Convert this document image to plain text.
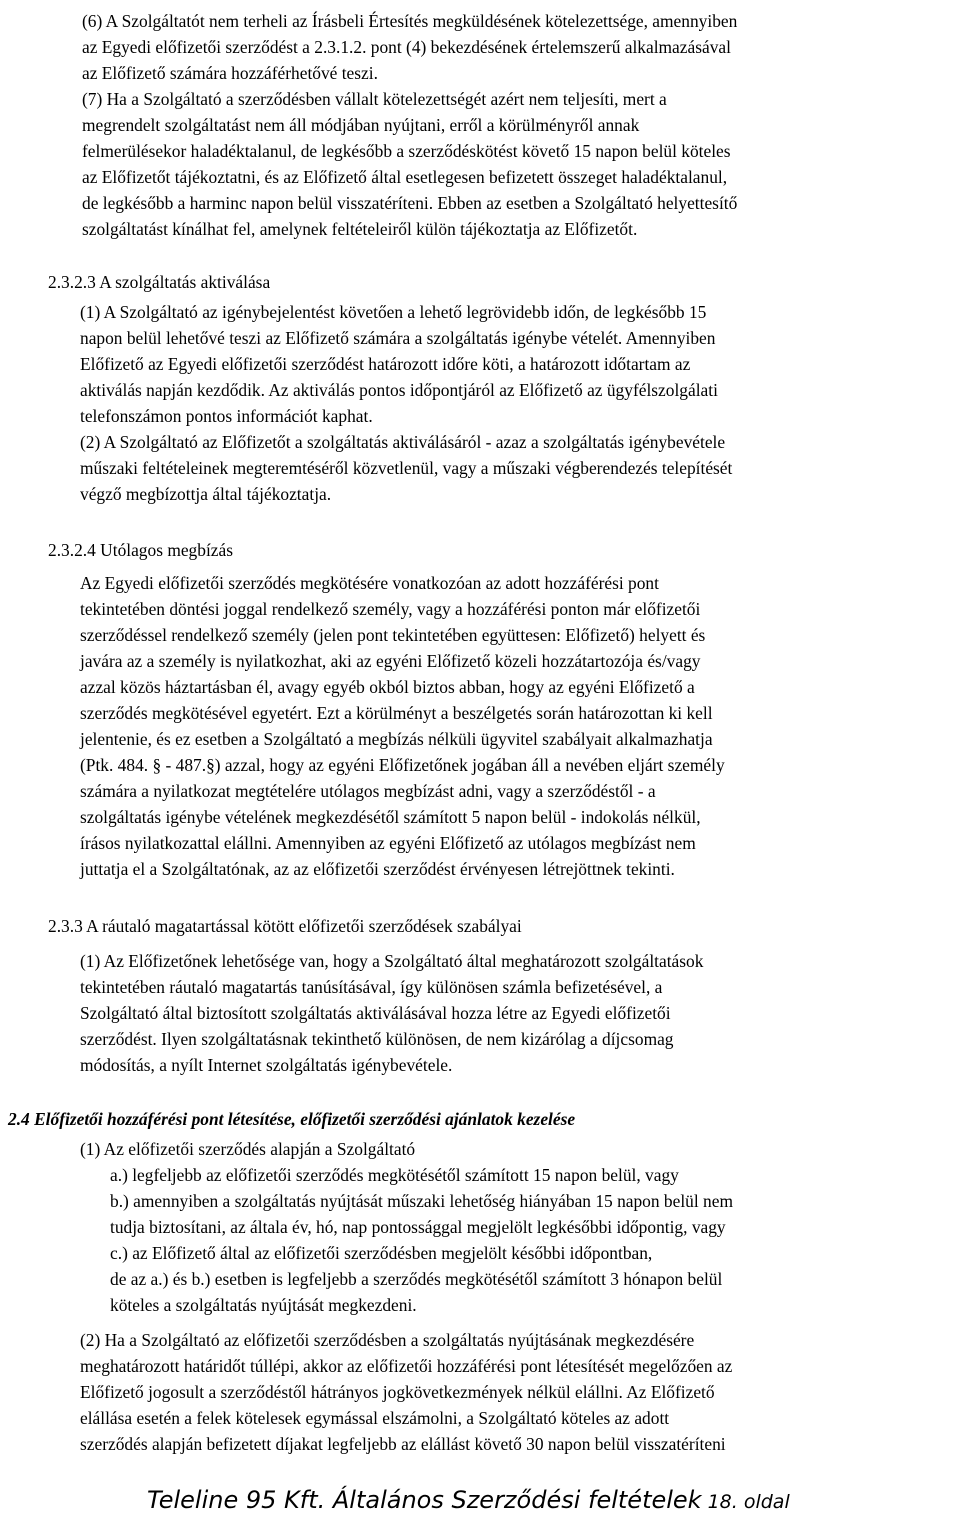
(6) A Szolgáltatót nem terheli az Írásbeli Értesítés megküldésének kötelezettsége, amennyiben

az Egyedi előfizetői szerződést a 2.3.1.2. pont (4) bekezdésének értelemszerű alkalmazásával

az Előfizető számára hozzáférhetővé teszi.

(7) Ha a Szolgáltató a szerződésben vállalt kötelezettségét azért nem teljesíti, mert a

megrendelt szolgáltatást nem áll módjában nyújtani, erről a körülményről annak

felmerülésekor haladéktalanul, de legkésőbb a szerződéskötést követő 15 napon belül köteles

az Előfizetőt tájékoztatni, és az Előfizető által esetlegesen befizetett összeget haladéktalanul,

de legkésőbb a harminc napon belül visszatéríteni. Ebben az esetben a Szolgáltató helyettesítő

szolgáltatást kínálhat fel, amelynek feltételeiről külön tájékoztatja az Előfizetőt.

2.3.2.3 A szolgáltatás aktiválása

(1) A Szolgáltató az igénybejelentést követően a lehető legrövidebb időn, de legkésőbb 15

napon belül lehetővé teszi az Előfizető számára a szolgáltatás igénybe vételét. Amennyiben

Előfizető az Egyedi előfizetői szerződést határozott időre köti, a határozott időtartam az

aktiválás napján kezdődik. Az aktiválás pontos időpontjáról az Előfizető az ügyfélszolgálati

telefonszámon pontos információt kaphat.

(2) A Szolgáltató az Előfizetőt a szolgáltatás aktiválásáról - azaz a szolgáltatás igénybevétele

műszaki feltételeinek megteremtéséről közvetlenül, vagy a műszaki végberendezés telepítését

végző megbízottja által tájékoztatja.

2.3.2.4 Utólagos megbízás

Az Egyedi előfizetői szerződés megkötésére vonatkozóan az adott hozzáférési pont

tekintetében döntési joggal rendelkező személy, vagy a hozzáférési ponton már előfizetői

szerződéssel rendelkező személy (jelen pont tekintetében együttesen: Előfizető) helyett és

javára az a személy is nyilatkozhat, aki az egyéni Előfizető közeli hozzátartozója és/vagy

azzal közös háztartásban él, avagy egyéb okból biztos abban, hogy az egyéni Előfizető a

szerződés megkötésével egyetért. Ezt a körülményt a beszélgetés során határozottan ki kell

jelentenie, és ez esetben a Szolgáltató a megbízás nélküli ügyvitel szabályait alkalmazhatja

(Ptk. 484. § - 487.§) azzal, hogy az egyéni Előfizetőnek jogában áll a nevében eljárt személy

számára a nyilatkozat megtételére utólagos megbízást adni, vagy a szerződéstől - a

szolgáltatás igénybe vételének megkezdésétől számított 5 napon belül - indokolás nélkül,

írásos nyilatkozattal elállni. Amennyiben az egyéni Előfizető az utólagos megbízást nem

juttatja el a Szolgáltatónak, az az előfizetői szerződést érvényesen létrejöttnek tekinti.

2.3.3 A ráutaló magatartással kötött előfizetői szerződések szabályai

(1) Az Előfizetőnek lehetősége van, hogy a Szolgáltató által meghatározott szolgáltatások

tekintetében ráutaló magatartás tanúsításával, így különösen számla befizetésével, a

Szolgáltató által biztosított szolgáltatás aktiválásával hozza létre az Egyedi előfizetői

szerződést. Ilyen szolgáltatásnak tekinthető különösen, de nem kizárólag a díjcsomag

módosítás, a nyílt Internet szolgáltatás igénybevétele.

2.4 Előfizetői hozzáférési pont létesítése, előfizetői szerződési ajánlatok kezelése

(1) Az előfizetői szerződés alapján a Szolgáltató

a.) legfeljebb az előfizetői szerződés megkötésétől számított 15 napon belül, vagy

b.) amennyiben a szolgáltatás nyújtását műszaki lehetőség hiányában 15 napon belül nem

tudja biztosítani, az általa év, hó, nap pontossággal megjelölt legkésőbbi időpontig, vagy

c.) az Előfizető által az előfizetői szerződésben megjelölt későbbi időpontban,

de az a.) és b.) esetben is legfeljebb a szerződés megkötésétől számított 3 hónapon belül

köteles a szolgáltatás nyújtását megkezdeni.

(2) Ha a Szolgáltató az előfizetői szerződésben a szolgáltatás nyújtásának megkezdésére

meghatározott határidőt túllépi, akkor az előfizetői hozzáférési pont létesítését megelőzően az

Előfizető jogosult a szerződéstől hátrányos jogkövetkezmények nélkül elállni. Az Előfizető

elállása esetén a felek kötelesek egymással elszámolni, a Szolgáltató köteles az adott

szerződés alapján befizetett díjakat legfeljebb az elállást követő 30 napon belül visszatéríteni

Teleline 95 Kft. Általános Szerződési feltételek 18. oldal
